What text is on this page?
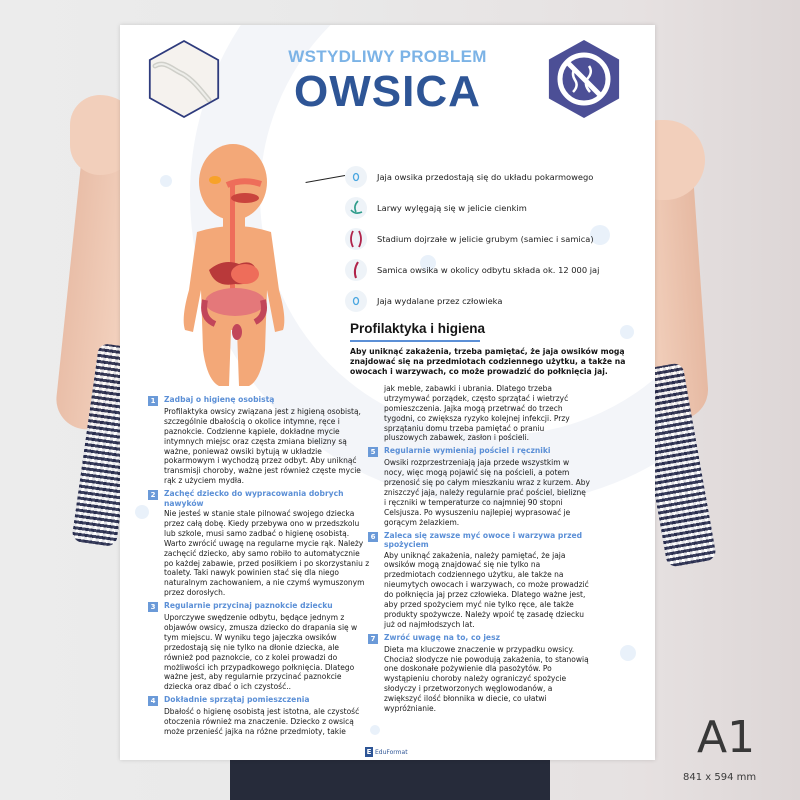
WSTYDLIWY PROBLEM
OWSICA
Jaja owsika przedostają się do układu pokarmowego
Larwy wylęgają się w jelicie cienkim
Stadium dojrzałe w jelicie grubym (samiec i samica)
Samica owsika w okolicy odbytu składa ok. 12 000 jaj
Jaja wydalane przez człowieka
Profilaktyka i higiena
Aby uniknąć zakażenia, trzeba pamiętać, że jaja owsików mogą znajdować się na przedmiotach codziennego użytku, a także na owocach i warzywach, co może prowadzić do połknięcia jaj.
1	Zadbaj o higienę osobistą
Profilaktyka owsicy związana jest z higieną osobistą, szczególnie dbałością o okolice intymne, ręce i paznokcie. Codzienne kąpiele, dokładne mycie intymnych miejsc oraz częsta zmiana bielizny są ważne, ponieważ owsiki bytują w układzie pokarmowym i wychodzą przez odbyt. Aby uniknąć transmisji choroby, ważne jest również częste mycie rąk z użyciem mydła.
2	Zachęć dziecko do wypracowania dobrych nawyków
Nie jesteś w stanie stale pilnować swojego dziecka przez całą dobę. Kiedy przebywa ono w przedszkolu lub szkole, musi samo zadbać o higienę osobistą. Warto zwrócić uwagę na regularne mycie rąk. Należy zachęcić dziecko, aby samo robiło to automatycznie po każdej zabawie, przed posiłkiem i po skorzystaniu z toalety. Taki nawyk powinien stać się dla niego naturalnym zachowaniem, a nie czymś wymuszonym przez dorosłych.
3	Regularnie przycinaj paznokcie dziecku
Uporczywe swędzenie odbytu, będące jednym z objawów owsicy, zmusza dziecko do drapania się w tym miejscu. W wyniku tego jajeczka owsików przedostają się nie tylko na dłonie dziecka, ale również pod paznokcie, co z kolei prowadzi do możliwości ich przypadkowego połknięcia. Dlatego ważne jest, aby regularnie przycinać paznokcie dziecka oraz dbać o ich czystość..
4	Dokładnie sprzątaj pomieszczenia
Dbałość o higienę osobistą jest istotna, ale czystość otoczenia również ma znaczenie. Dziecko z owsicą może przenieść jajka na różne przedmioty, takie
jak meble, zabawki i ubrania. Dlatego trzeba utrzymywać porządek, często sprzątać i wietrzyć pomieszczenia. Jajka mogą przetrwać do trzech tygodni, co zwiększa ryzyko kolejnej infekcji. Przy sprzątaniu domu trzeba pamiętać o praniu pluszowych zabawek, zasłon i pościeli.
5	Regularnie wymieniaj pościel i ręczniki
Owsiki rozprzestrzeniają jaja przede wszystkim w nocy, więc mogą pojawić się na pościeli, a potem przenosić się po całym mieszkaniu wraz z kurzem. Aby zniszczyć jaja, należy regularnie prać pościel, bieliznę i ręczniki w temperaturze co najmniej 90 stopni Celsjusza. Po wysuszeniu najlepiej wyprasować je gorącym żelazkiem.
6	Zaleca się zawsze myć owoce i warzywa przed spożyciem
Aby uniknąć zakażenia, należy pamiętać, że jaja owsików mogą znajdować się nie tylko na przedmiotach codziennego użytku, ale także na nieumytych owocach i warzywach, co może prowadzić do połknięcia jaj przez człowieka. Dlatego ważne jest, aby przed spożyciem myć nie tylko ręce, ale także produkty spożywcze. Należy wpoić tę zasadę dziecku już od najmłodszych lat.
7	Zwróć uwagę na to, co jesz
Dieta ma kluczowe znaczenie w przypadku owsicy. Chociaż słodycze nie powodują zakażenia, to stanowią one doskonałe pożywienie dla pasożytów. Po wystąpieniu choroby należy ograniczyć spożycie słodyczy i przetworzonych węglowodanów, a zwiększyć ilość błonnika w diecie, co ułatwi wypróżnianie.
E EduFormat	A1
841 x 594 mm
